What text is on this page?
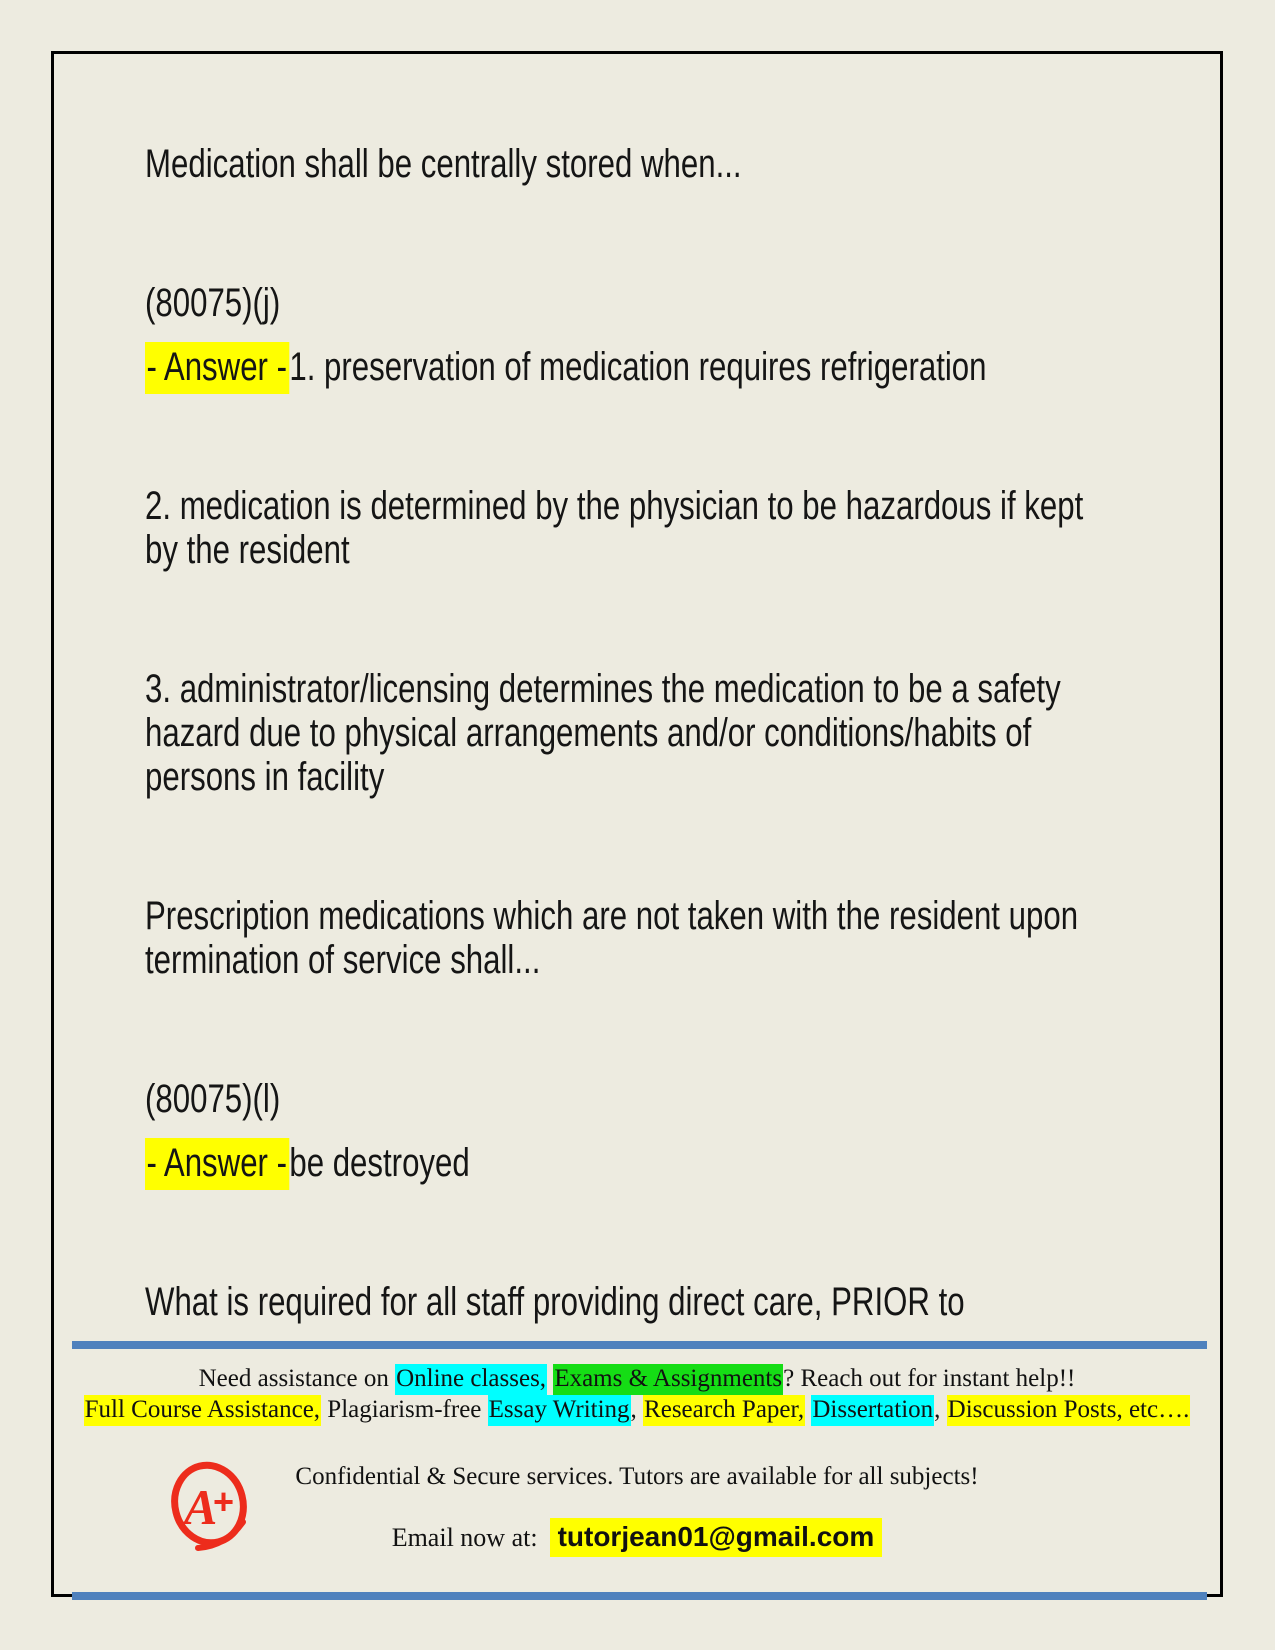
Medication shall be centrally stored when...

(80075)(j)

- Answer -1. preservation of medication requires refrigeration

2. medication is determined by the physician to be hazardous if kept by the resident

3. administrator/licensing determines the medication to be a safety hazard due to physical arrangements and/or conditions/habits of persons in facility

Prescription medications which are not taken with the resident upon termination of service shall...

(80075)(l)

- Answer -be destroyed

What is required for all staff providing direct care, PRIOR to

Need assistance on Online classes, Exams & Assignments? Reach out for instant help!!

Full Course Assistance, Plagiarism-free Essay Writing, Research Paper, Dissertation, Discussion Posts, etc….

Confidential & Secure services. Tutors are available for all subjects!

Email now at: tutorjean01@gmail.com

A
+
